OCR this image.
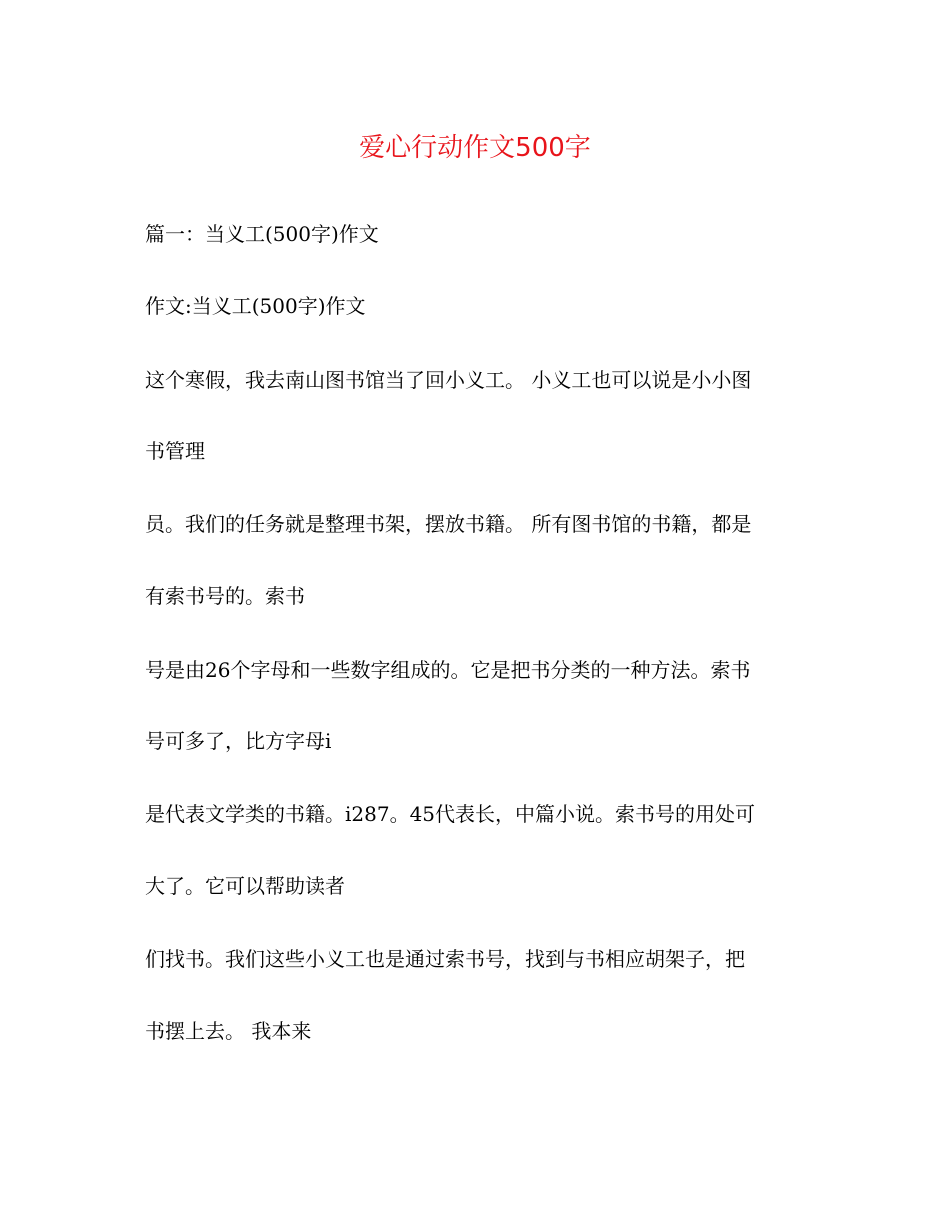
爱心行动作文500字

篇一：当义工(500字)作文

作文:当义工(500字)作文

这个寒假，我去南山图书馆当了回小义工。 小义工也可以说是小小图

书管理

员。我们的任务就是整理书架，摆放书籍。 所有图书馆的书籍，都是

有索书号的。索书

号是由26个字母和一些数字组成的。它是把书分类的一种方法。索书

号可多了，比方字母i

是代表文学类的书籍。i287。45代表长，中篇小说。索书号的用处可

大了。它可以帮助读者

们找书。我们这些小义工也是通过索书号，找到与书相应胡架子，把

书摆上去。 我本来
